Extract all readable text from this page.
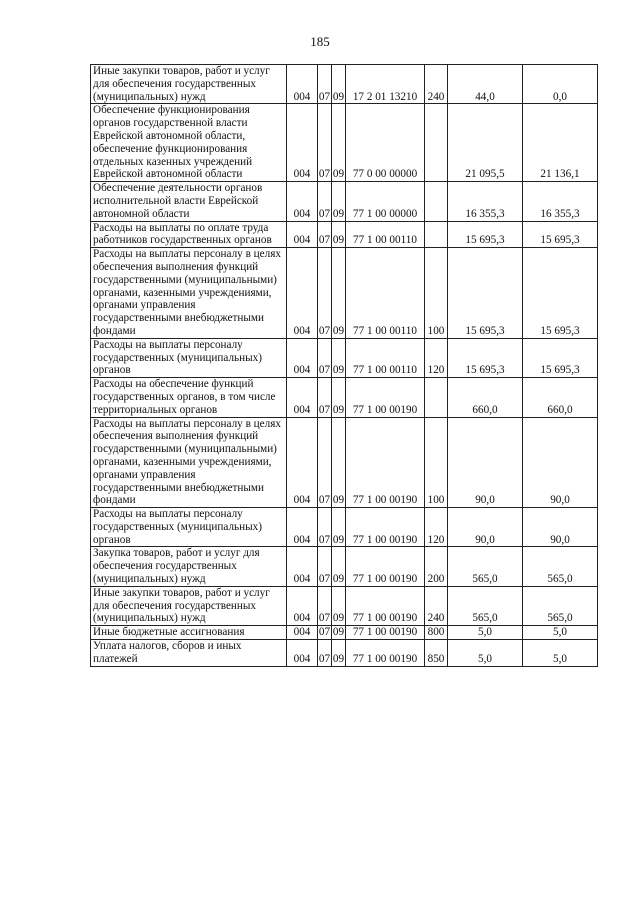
185
Иные закупки товаров, работ и услуг для обеспечения государственных (муниципальных) нужд	004	07	09	17 2 01 13210	240	44,0	0,0
Обеспечение функционирования органов государственной власти Еврейской автономной области, обеспечение функционирования отдельных казенных учреждений Еврейской автономной области	004	07	09	77 0 00 00000		21 095,5	21 136,1
Обеспечение деятельности органов исполнительной власти Еврейской автономной области	004	07	09	77 1 00 00000		16 355,3	16 355,3
Расходы на выплаты по оплате труда работников государственных органов	004	07	09	77 1 00 00110		15 695,3	15 695,3
Расходы на выплаты персоналу в целях обеспечения выполнения функций государственными (муниципальными) органами, казенными учреждениями, органами управления государственными внебюджетными фондами	004	07	09	77 1 00 00110	100	15 695,3	15 695,3
Расходы на выплаты персоналу государственных (муниципальных) органов	004	07	09	77 1 00 00110	120	15 695,3	15 695,3
Расходы на обеспечение функций государственных органов, в том числе территориальных органов	004	07	09	77 1 00 00190		660,0	660,0
Расходы на выплаты персоналу в целях обеспечения выполнения функций государственными (муниципальными) органами, казенными учреждениями, органами управления государственными внебюджетными фондами	004	07	09	77 1 00 00190	100	90,0	90,0
Расходы на выплаты персоналу государственных (муниципальных) органов	004	07	09	77 1 00 00190	120	90,0	90,0
Закупка товаров, работ и услуг для обеспечения государственных (муниципальных) нужд	004	07	09	77 1 00 00190	200	565,0	565,0
Иные закупки товаров, работ и услуг для обеспечения государственных (муниципальных) нужд	004	07	09	77 1 00 00190	240	565,0	565,0
Иные бюджетные ассигнования	004	07	09	77 1 00 00190	800	5,0	5,0
Уплата налогов, сборов и иных платежей	004	07	09	77 1 00 00190	850	5,0	5,0
